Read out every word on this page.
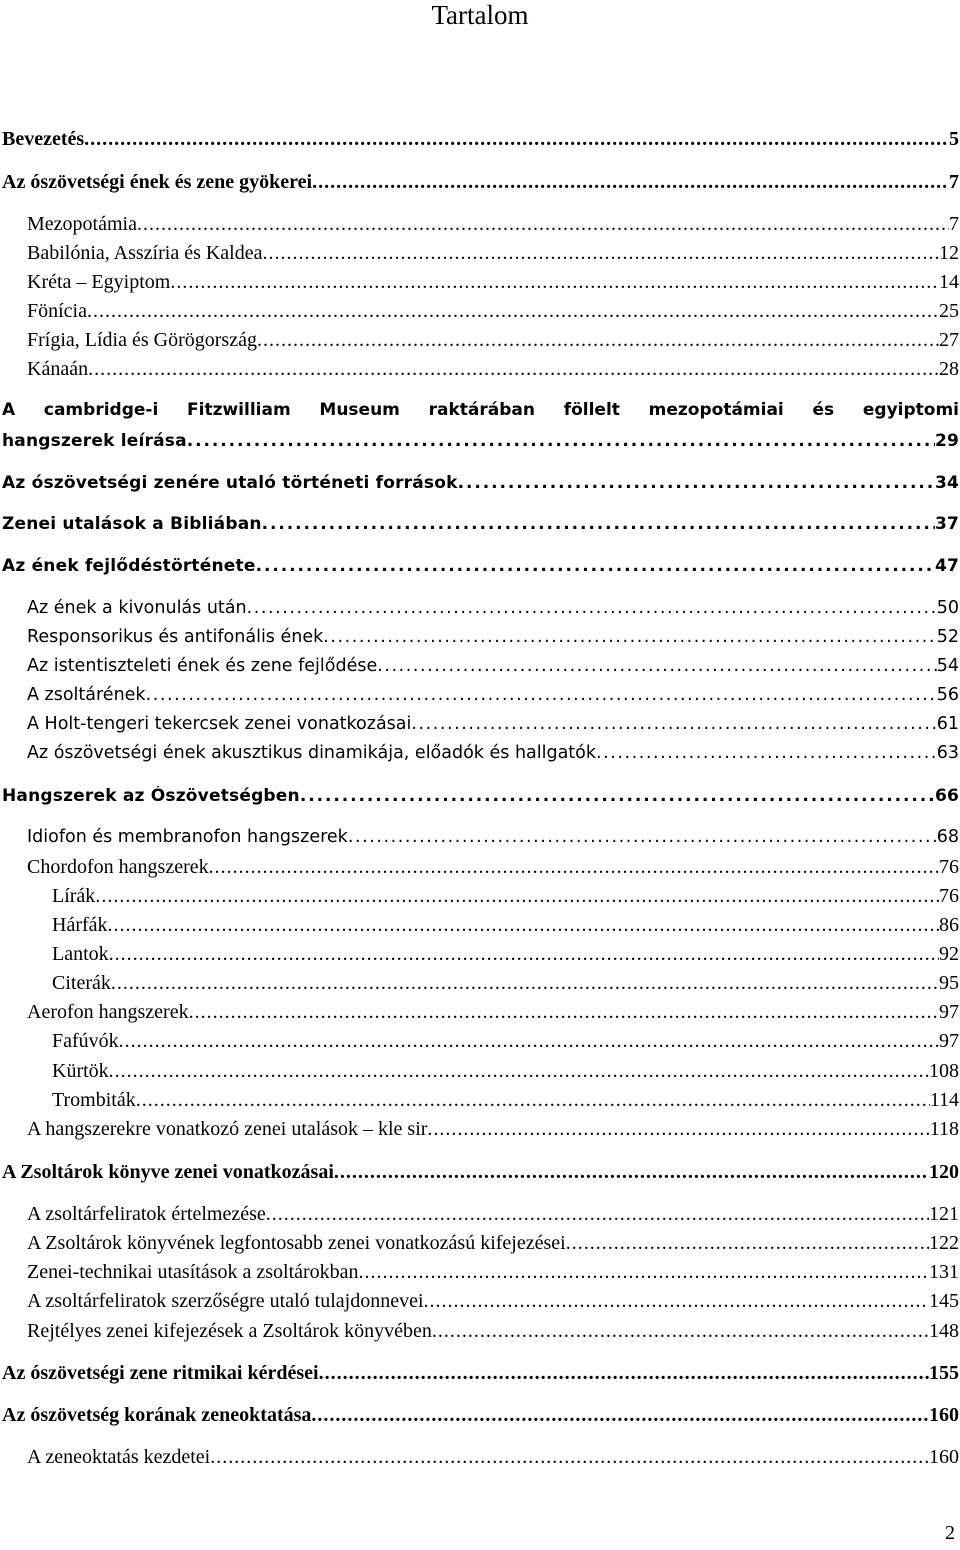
Tartalom
Bevezetés . . .	5
Az ószövetségi ének és zene gyökerei . . .	7
Mezopotámia . . .	7
Babilónia, Asszíria és Kaldea . . .	12
Kréta – Egyiptom . . .	14
Fönícia . . .	25
Frígia, Lídia és Görögország . . .	27
Kánaán . . .	28
A cambridge-i Fitzwilliam Museum raktárában föllelt mezopotámiai és egyiptomi
hangszerek leírása . . .	29
Az ószövetségi zenére utaló történeti források . . .	34
Zenei utalások a Bibliában . . .	37
Az ének fejlődéstörténete . . .	47
Az ének a kivonulás után . . .	50
Responsorikus és antifonális ének . . .	52
Az istentiszteleti ének és zene fejlődése . . .	54
A zsoltárének . . .	56
A Holt-tengeri tekercsek zenei vonatkozásai . . .	61
Az ószövetségi ének akusztikus dinamikája, előadók és hallgatók . . .	63
Hangszerek az Ószövetségben . . .	66
Idiofon és membranofon hangszerek . . .	68
Chordofon hangszerek . . .	76
Lírák . . .	76
Hárfák . . .	86
Lantok . . .	92
Citerák . . .	95
Aerofon hangszerek . . .	97
Fafúvók . . .	97
Kürtök . . .	108
Trombiták . . .	114
A hangszerekre vonatkozó zenei utalások – kle sir . . .	118
A Zsoltárok könyve zenei vonatkozásai . . .	120
A zsoltárfeliratok értelmezése . . .	121
A Zsoltárok könyvének legfontosabb zenei vonatkozású kifejezései . . .	122
Zenei-technikai utasítások a zsoltárokban . . .	131
A zsoltárfeliratok szerzőségre utaló tulajdonnevei . . .	145
Rejtélyes zenei kifejezések a Zsoltárok könyvében . . .	148
Az ószövetségi zene ritmikai kérdései . . .	155
Az ószövetség korának zeneoktatása . . .	160
A zeneoktatás kezdetei . . .	160
2
